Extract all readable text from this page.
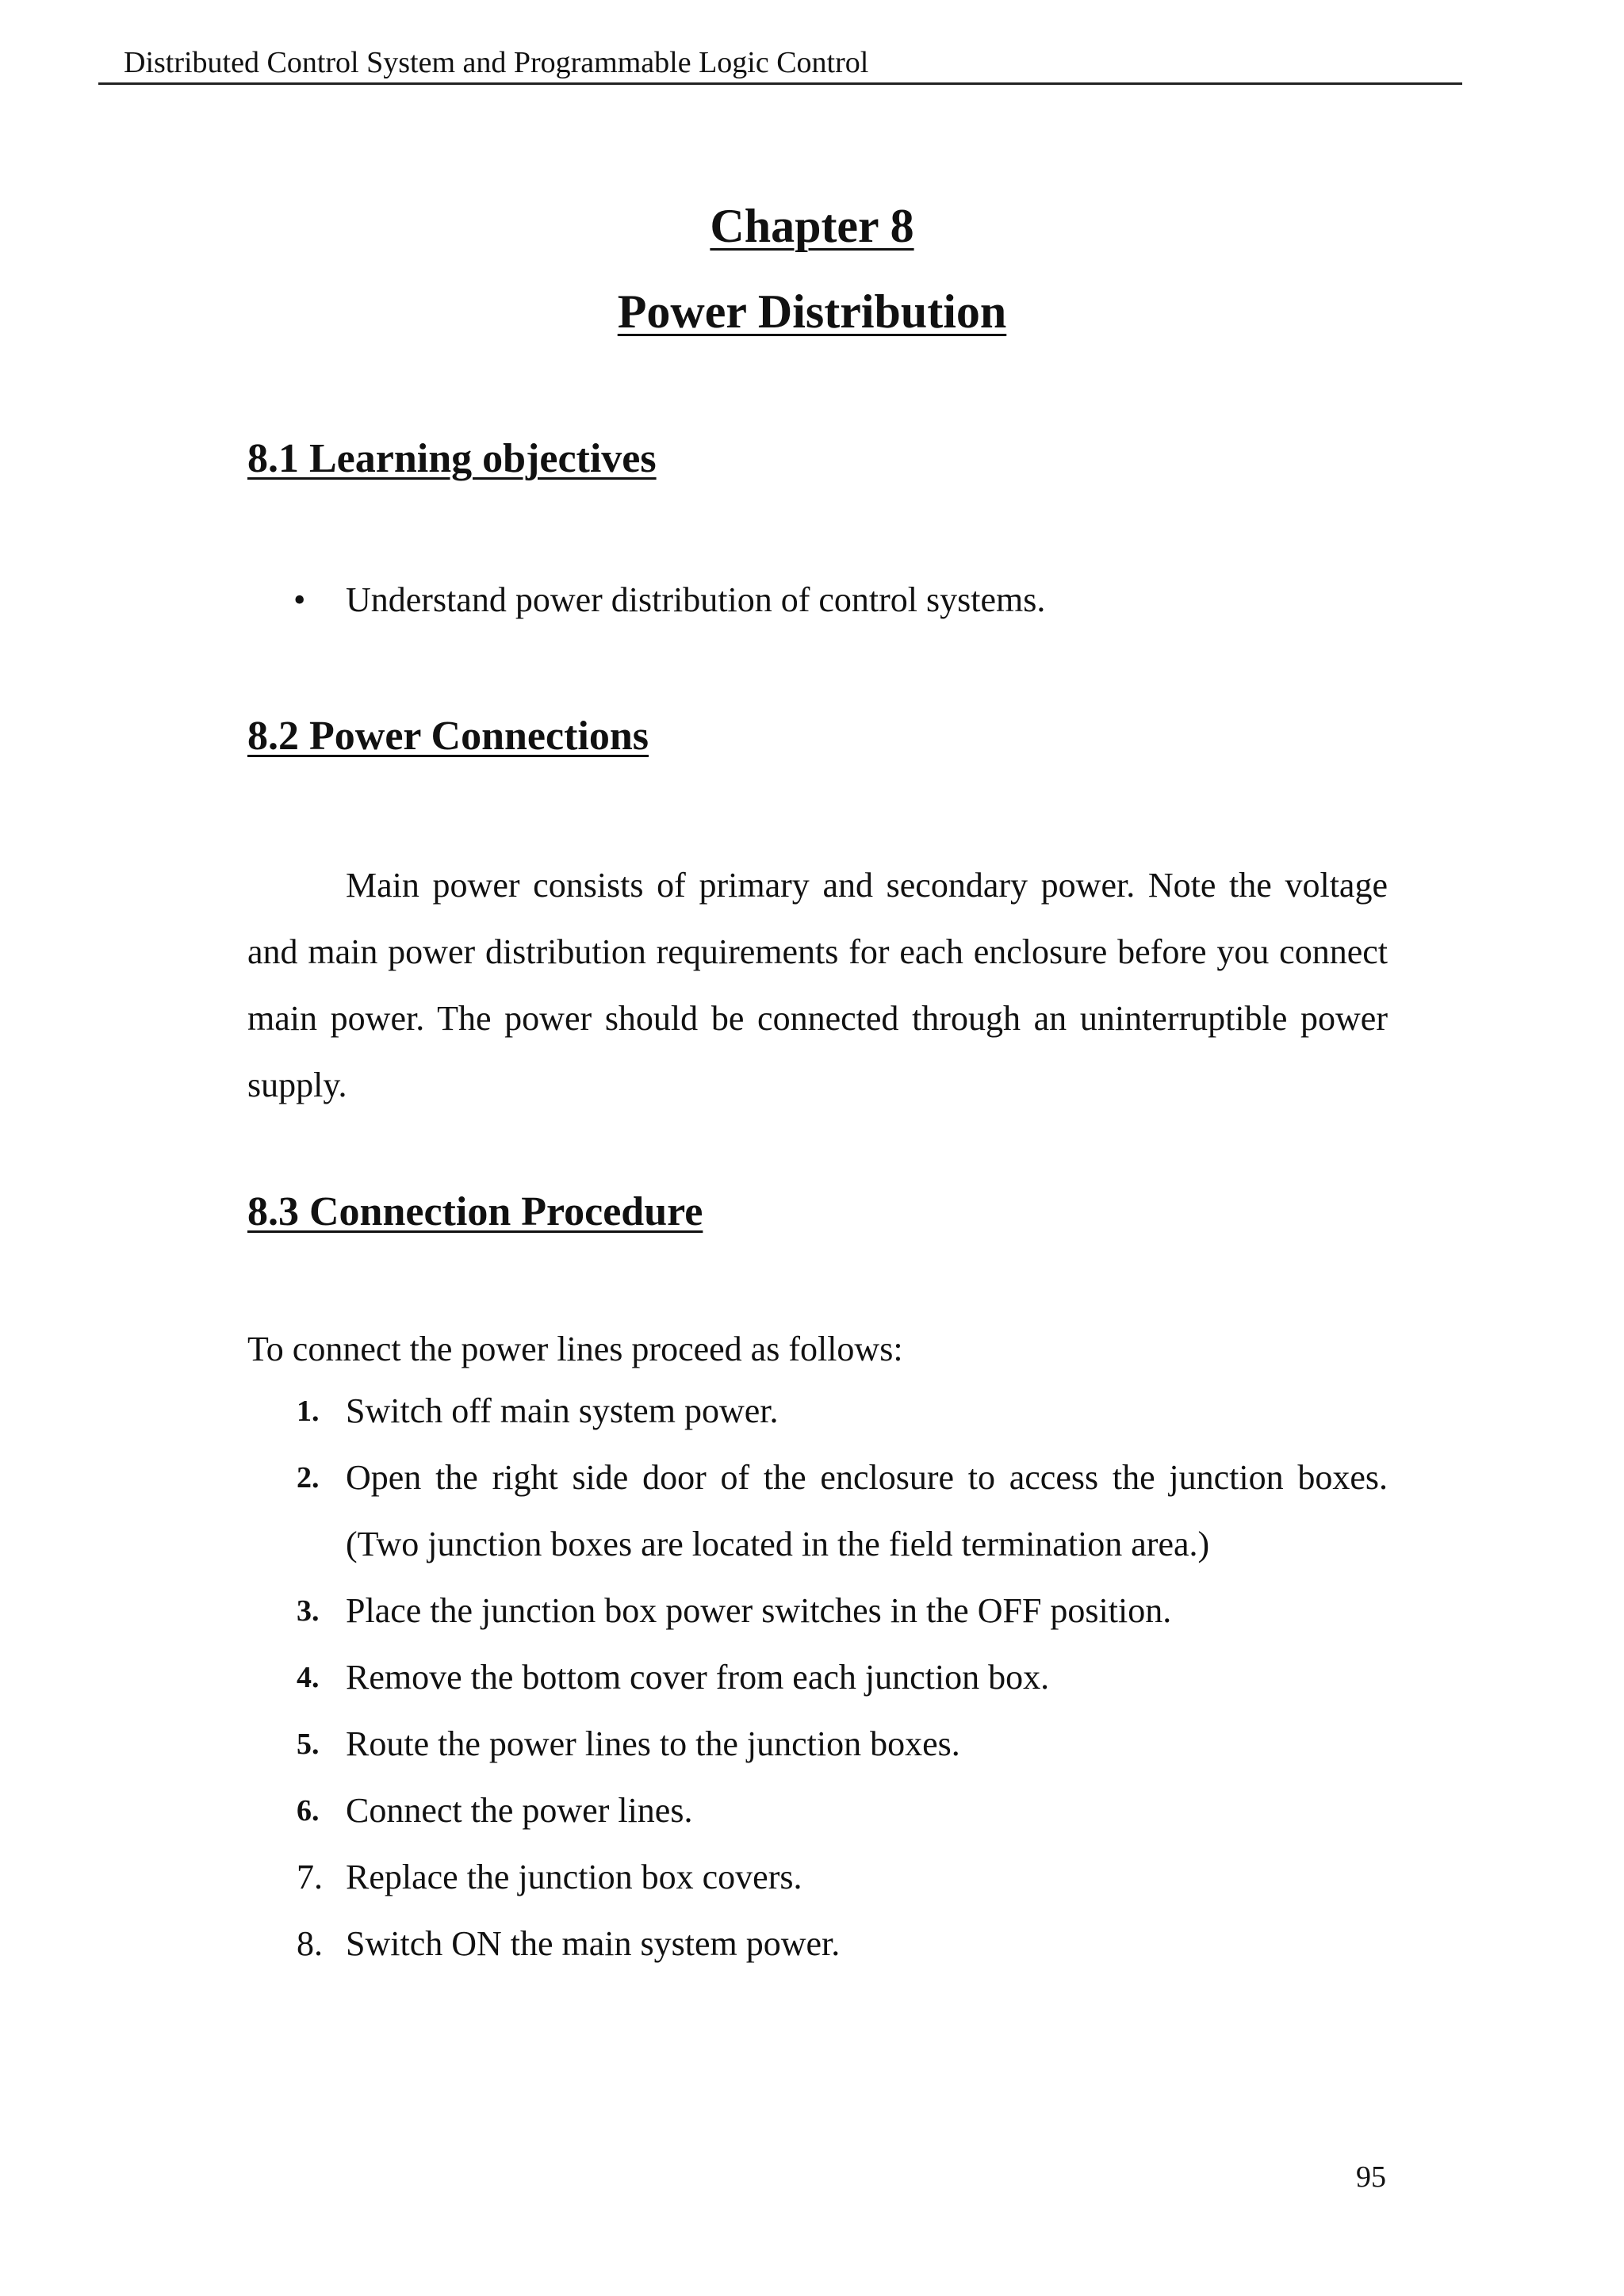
Distributed Control System and Programmable Logic Control
Chapter 8
Power Distribution
8.1 Learning objectives
• Understand power distribution of control systems.
8.2 Power Connections

Main power consists of primary and secondary power. Note the voltage and main power distribution requirements for each enclosure before you connect main power. The power should be connected through an uninterruptible power supply.

8.3 Connection Procedure
To connect the power lines proceed as follows:
1. Switch off main system power.
2. Open the right side door of the enclosure to access the junction boxes. (Two junction boxes are located in the field termination area.)
3. Place the junction box power switches in the OFF position.
4. Remove the bottom cover from each junction box.
5. Route the power lines to the junction boxes.
6. Connect the power lines.
7. Replace the junction box covers.
8. Switch ON the main system power.
95
